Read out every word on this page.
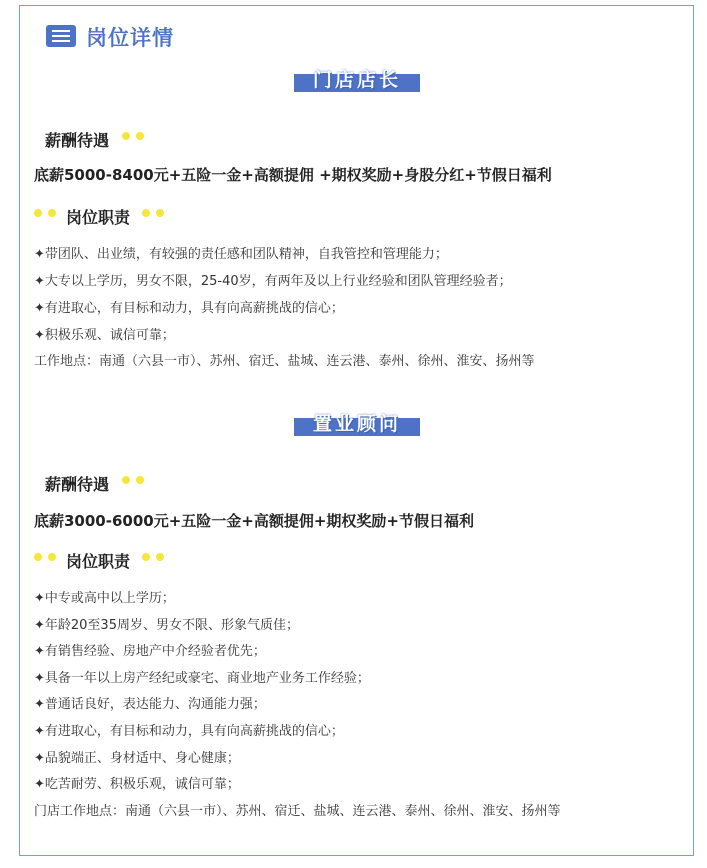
岗位详情
门店店长
薪酬待遇
底薪5000-8400元+五险一金+高额提佣 +期权奖励+身股分红+节假日福利
岗位职责
✦带团队、出业绩，有较强的责任感和团队精神，自我管控和管理能力；
✦大专以上学历，男女不限，25-40岁，有两年及以上行业经验和团队管理经验者；
✦有进取心，有目标和动力，具有向高薪挑战的信心；
✦积极乐观、诚信可靠；
工作地点：南通（六县一市）、苏州、宿迁、盐城、连云港、泰州、徐州、淮安、扬州等
置业顾问
薪酬待遇
底薪3000-6000元+五险一金+高额提佣+期权奖励+节假日福利
岗位职责
✦中专或高中以上学历；
✦年龄20至35周岁、男女不限、形象气质佳；
✦有销售经验、房地产中介经验者优先；
✦具备一年以上房产经纪或豪宅、商业地产业务工作经验；
✦普通话良好，表达能力、沟通能力强；
✦有进取心，有目标和动力，具有向高薪挑战的信心；
✦品貌端正、身材适中、身心健康；
✦吃苦耐劳、积极乐观，诚信可靠；
门店工作地点：南通（六县一市）、苏州、宿迁、盐城、连云港、泰州、徐州、淮安、扬州等
